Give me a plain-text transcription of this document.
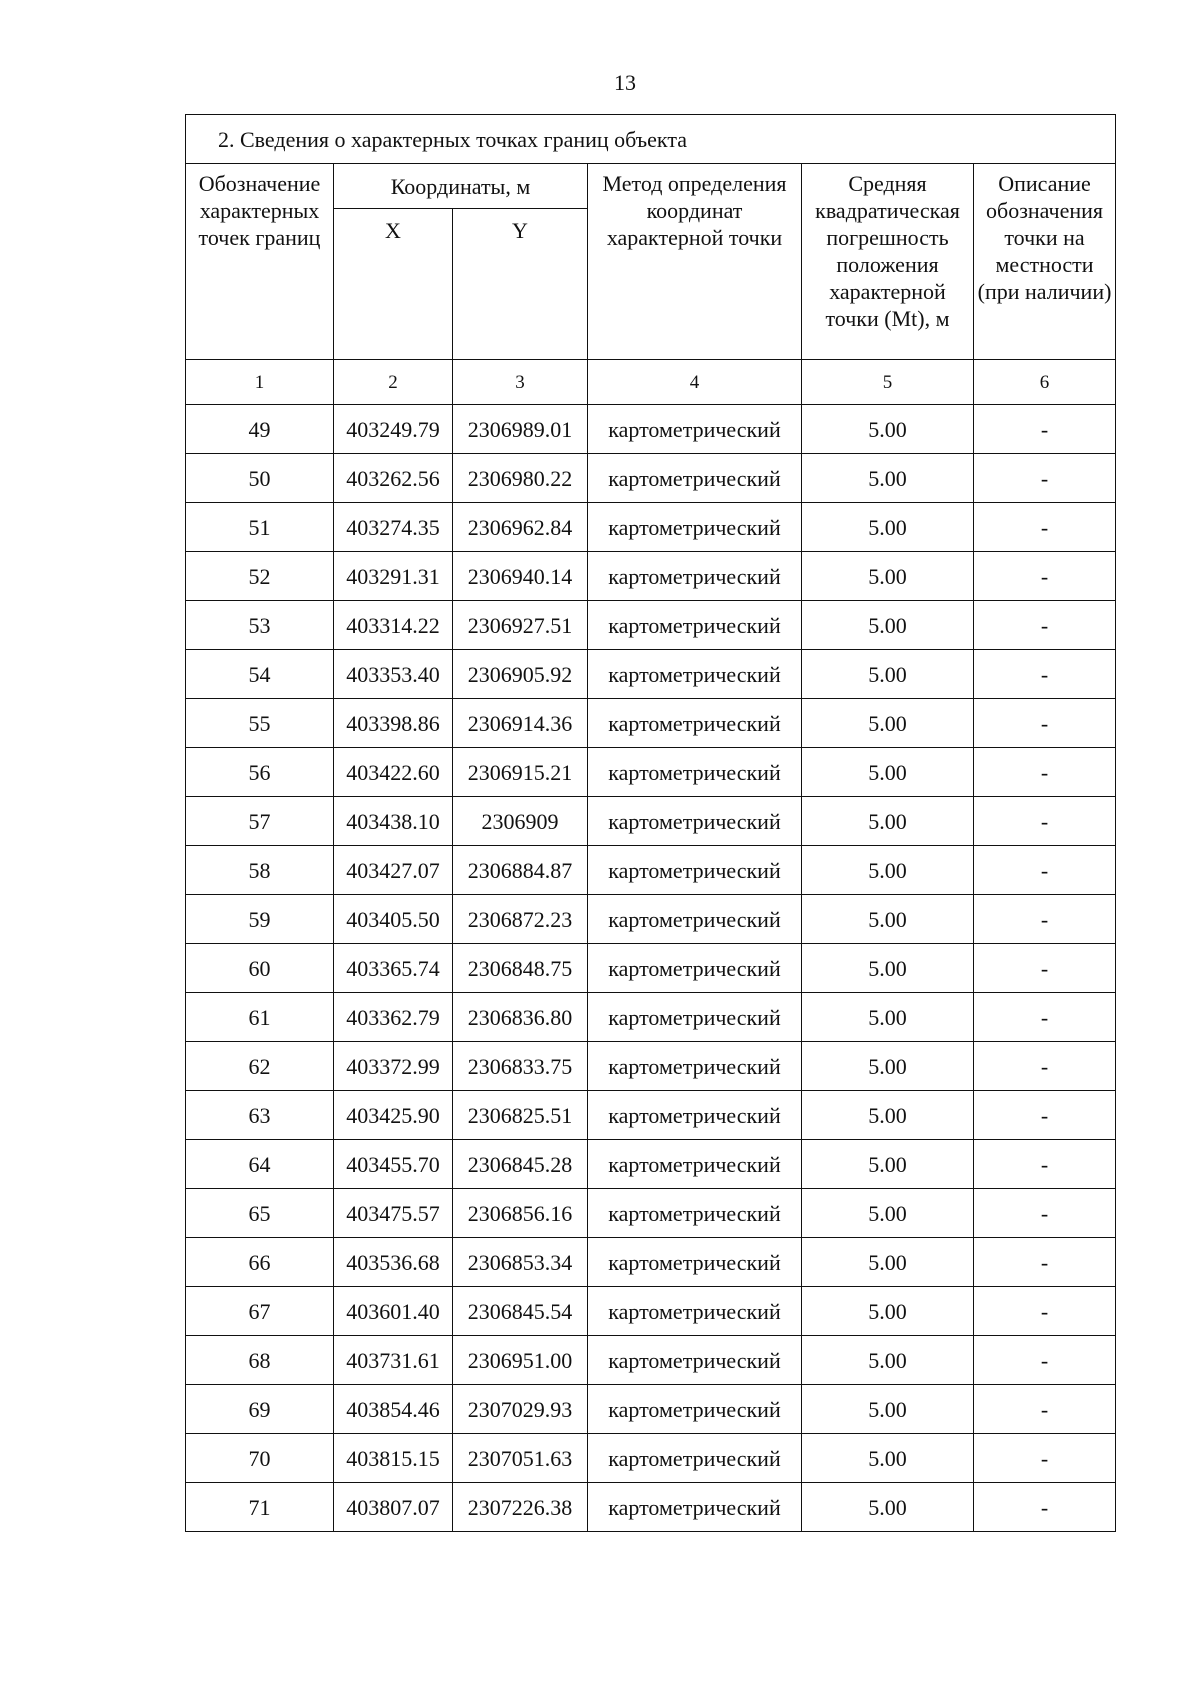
13
2. Сведения о характерных точках границ объекта					
Обозначение характерных точек границ	Координаты, м		Метод определения координат характерной точки	Средняя квадратическая погрешность положения характерной точки (Mt), м	Описание обозначения точки на местности (при наличии)
	X	Y			
1	2	3	4	5	6
49	403249.79	2306989.01	картометрический	5.00	-
50	403262.56	2306980.22	картометрический	5.00	-
51	403274.35	2306962.84	картометрический	5.00	-
52	403291.31	2306940.14	картометрический	5.00	-
53	403314.22	2306927.51	картометрический	5.00	-
54	403353.40	2306905.92	картометрический	5.00	-
55	403398.86	2306914.36	картометрический	5.00	-
56	403422.60	2306915.21	картометрический	5.00	-
57	403438.10	2306909	картометрический	5.00	-
58	403427.07	2306884.87	картометрический	5.00	-
59	403405.50	2306872.23	картометрический	5.00	-
60	403365.74	2306848.75	картометрический	5.00	-
61	403362.79	2306836.80	картометрический	5.00	-
62	403372.99	2306833.75	картометрический	5.00	-
63	403425.90	2306825.51	картометрический	5.00	-
64	403455.70	2306845.28	картометрический	5.00	-
65	403475.57	2306856.16	картометрический	5.00	-
66	403536.68	2306853.34	картометрический	5.00	-
67	403601.40	2306845.54	картометрический	5.00	-
68	403731.61	2306951.00	картометрический	5.00	-
69	403854.46	2307029.93	картометрический	5.00	-
70	403815.15	2307051.63	картометрический	5.00	-
71	403807.07	2307226.38	картометрический	5.00	-
